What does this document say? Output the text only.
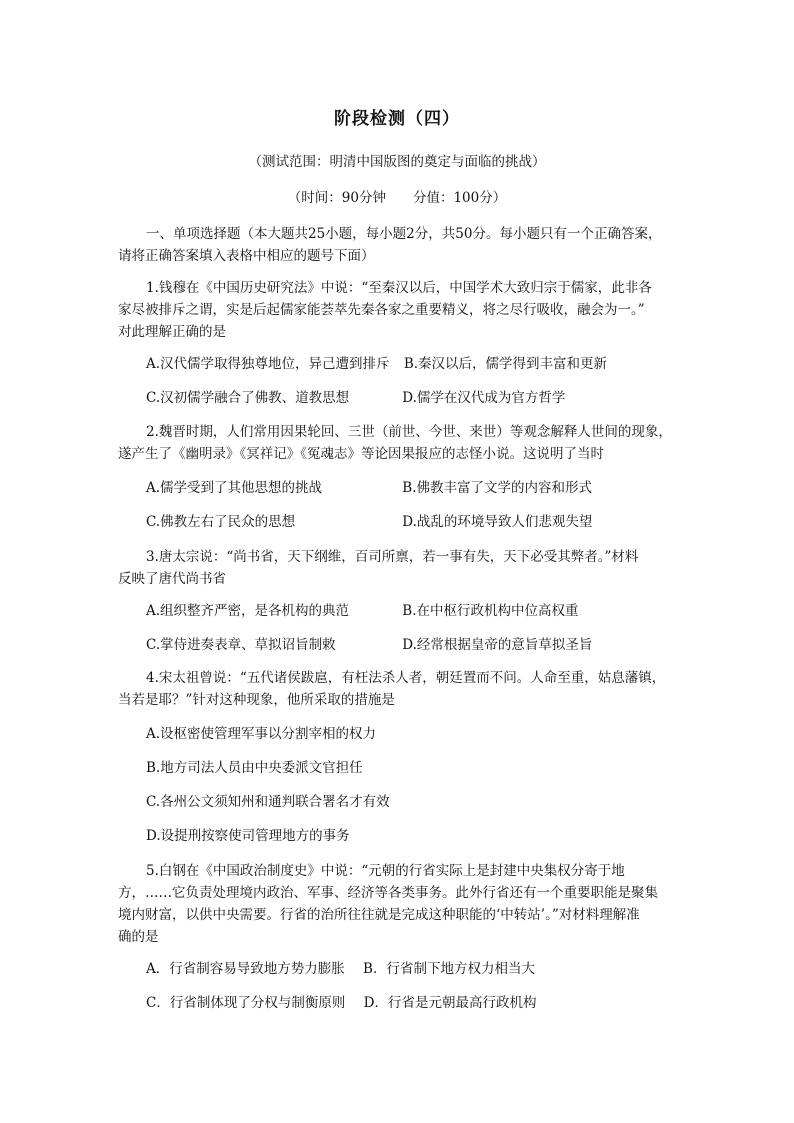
阶段检测（四）
（测试范围：明清中国版图的奠定与面临的挑战）
（时间：90分钟　　分值：100分）
一、单项选择题（本大题共25小题，每小题2分，共50分。每小题只有一个正确答案，
请将正确答案填入表格中相应的题号下面）
1.钱穆在《中国历史研究法》中说：“至秦汉以后，中国学术大致归宗于儒家，此非各
家尽被排斥之谓，实是后起儒家能荟萃先秦各家之重要精义，将之尽行吸收，融会为一。”
对此理解正确的是
A.汉代儒学取得独尊地位，异己遭到排斥 B.秦汉以后，儒学得到丰富和更新
C.汉初儒学融合了佛教、道教思想	D.儒学在汉代成为官方哲学
2.魏晋时期，人们常用因果轮回、三世（前世、今世、来世）等观念解释人世间的现象，
遂产生了《幽明录》《冥祥记》《冤魂志》等论因果报应的志怪小说。这说明了当时
A.儒学受到了其他思想的挑战	B.佛教丰富了文学的内容和形式
C.佛教左右了民众的思想	D.战乱的环境导致人们悲观失望
3.唐太宗说：“尚书省，天下纲维，百司所禀，若一事有失，天下必受其弊者。”材料
反映了唐代尚书省
A.组织整齐严密，是各机构的典范	B.在中枢行政机构中位高权重
C.掌侍进奏表章、草拟诏旨制敕	D.经常根据皇帝的意旨草拟圣旨
4.宋太祖曾说：“五代诸侯跋扈，有枉法杀人者，朝廷置而不问。人命至重，姑息藩镇，
当若是耶？”针对这种现象，他所采取的措施是
A.设枢密使管理军事以分割宰相的权力
B.地方司法人员由中央委派文官担任
C.各州公文须知州和通判联合署名才有效
D.设提刑按察使司管理地方的事务
5.白钢在《中国政治制度史》中说：“元朝的行省实际上是封建中央集权分寄于地
方，……它负责处理境内政治、军事、经济等各类事务。此外行省还有一个重要职能是聚集
境内财富，以供中央需要。行省的治所往往就是完成这种职能的‘中转站’。”对材料理解准
确的是
A．行省制容易导致地方势力膨胀 B．行省制下地方权力相当大
C．行省制体现了分权与制衡原则 D．行省是元朝最高行政机构
